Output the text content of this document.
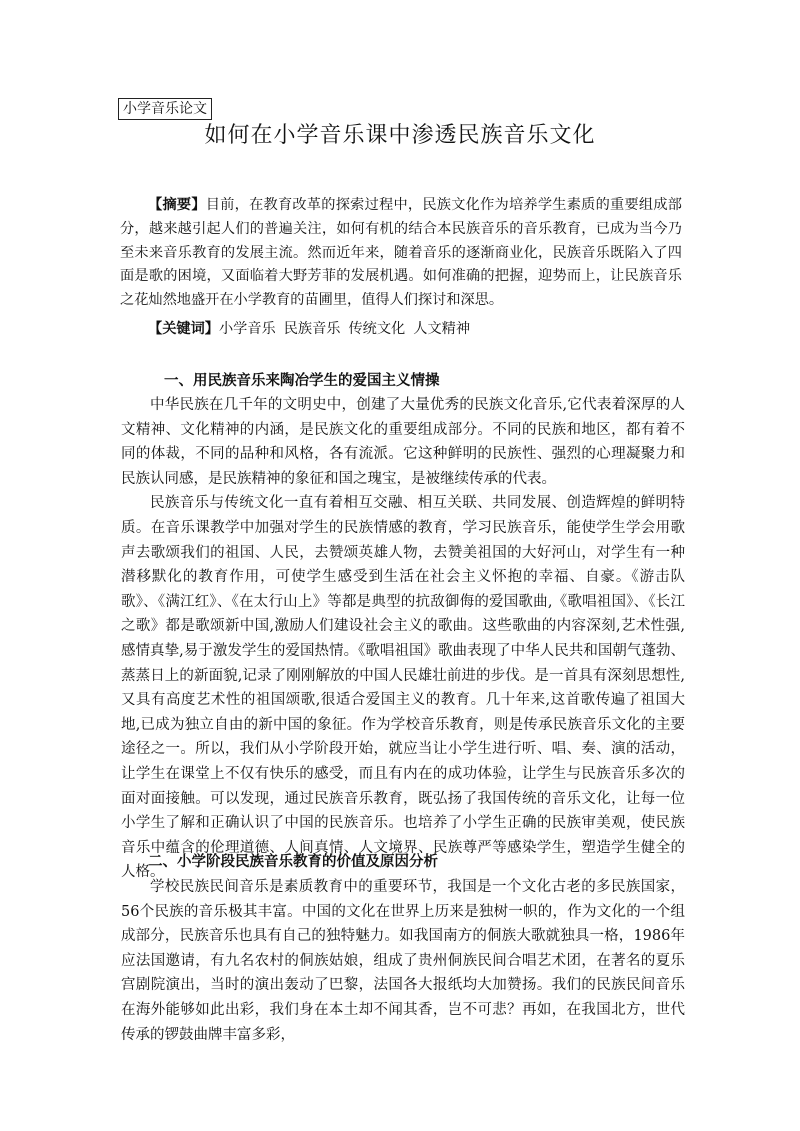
小学音乐论文
如何在小学音乐课中渗透民族音乐文化

【摘要】目前，在教育改革的探索过程中，民族文化作为培养学生素质的重要组成部分，越来越引起人们的普遍关注，如何有机的结合本民族音乐的音乐教育，已成为当今乃至未来音乐教育的发展主流。然而近年来，随着音乐的逐渐商业化，民族音乐既陷入了四面是歌的困境，又面临着大野芳菲的发展机遇。如何准确的把握，迎势而上，让民族音乐之花灿然地盛开在小学教育的苗圃里，值得人们探讨和深思。

【关键词】小学音乐 民族音乐 传统文化 人文精神
一、用民族音乐来陶冶学生的爱国主义情操

中华民族在几千年的文明史中，创建了大量优秀的民族文化音乐,它代表着深厚的人文精神、文化精神的内涵，是民族文化的重要组成部分。不同的民族和地区，都有着不同的体裁，不同的品种和风格，各有流派。它这种鲜明的民族性、强烈的心理凝聚力和民族认同感，是民族精神的象征和国之瑰宝，是被继续传承的代表。

民族音乐与传统文化一直有着相互交融、相互关联、共同发展、创造辉煌的鲜明特质。在音乐课教学中加强对学生的民族情感的教育，学习民族音乐，能使学生学会用歌声去歌颂我们的祖国、人民，去赞颂英雄人物，去赞美祖国的大好河山，对学生有一种潜移默化的教育作用，可使学生感受到生活在社会主义怀抱的幸福、自豪。《游击队歌》、《满江红》、《在太行山上》等都是典型的抗敌御侮的爱国歌曲,《歌唱祖国》、《长江之歌》都是歌颂新中国,激励人们建设社会主义的歌曲。这些歌曲的内容深刻,艺术性强,感情真挚,易于激发学生的爱国热情。《歌唱祖国》歌曲表现了中华人民共和国朝气蓬勃、蒸蒸日上的新面貌,记录了刚刚解放的中国人民雄壮前进的步伐。是一首具有深刻思想性,又具有高度艺术性的祖国颂歌,很适合爱国主义的教育。几十年来,这首歌传遍了祖国大地,已成为独立自由的新中国的象征。作为学校音乐教育，则是传承民族音乐文化的主要途径之一。所以，我们从小学阶段开始，就应当让小学生进行听、唱、奏、演的活动，让学生在课堂上不仅有快乐的感受，而且有内在的成功体验，让学生与民族音乐多次的面对面接触。可以发现，通过民族音乐教育，既弘扬了我国传统的音乐文化，让每一位小学生了解和正确认识了中国的民族音乐。也培养了小学生正确的民族审美观，使民族音乐中蕴含的伦理道德、人间真情、人文境界、民族尊严等感染学生，塑造学生健全的人格。

二、小学阶段民族音乐教育的价值及原因分析

学校民族民间音乐是素质教育中的重要环节，我国是一个文化古老的多民族国家，56个民族的音乐极其丰富。中国的文化在世界上历来是独树一帜的，作为文化的一个组成部分，民族音乐也具有自己的独特魅力。如我国南方的侗族大歌就独具一格，1986年应法国邀请，有九名农村的侗族姑娘，组成了贵州侗族民间合唱艺术团，在著名的夏乐宫剧院演出，当时的演出轰动了巴黎，法国各大报纸均大加赞扬。我们的民族民间音乐在海外能够如此出彩，我们身在本土却不闻其香，岂不可悲？再如，在我国北方，世代传承的锣鼓曲牌丰富多彩，
